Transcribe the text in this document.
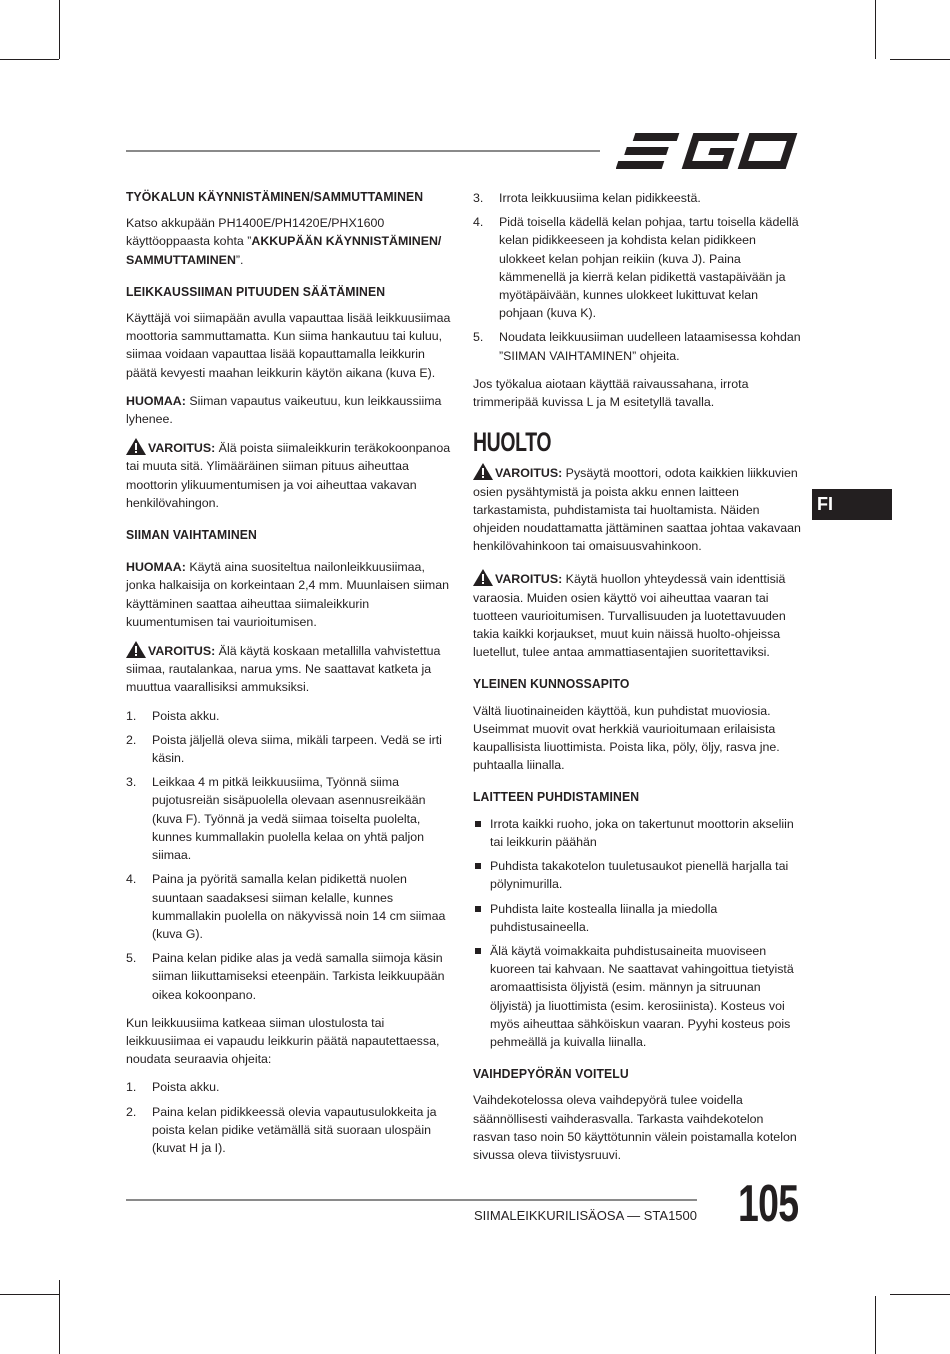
FI
TYÖKALUN KÄYNNISTÄMINEN/SAMMUTTAMINEN

Katso akkupään PH1400E/PH1420E/PHX1600 käyttöoppaasta kohta ”AKKUPÄÄN KÄYNNISTÄMINEN/ SAMMUTTAMINEN”.

LEIKKAUSSIIMAN PITUUDEN SÄÄTÄMINEN

Käyttäjä voi siimapään avulla vapauttaa lisää leikkuusiimaa moottoria sammuttamatta. Kun siima hankautuu tai kuluu, siimaa voidaan vapauttaa lisää kopauttamalla leikkurin päätä kevyesti maahan leikkurin käytön aikana (kuva E).

HUOMAA: Siiman vapautus vaikeutuu, kun leikkaussiima lyhenee.

VAROITUS: Älä poista siimaleikkurin teräkokoonpanoa tai muuta sitä. Ylimääräinen siiman pituus aiheuttaa moottorin ylikuumentumisen ja voi aiheuttaa vakavan henkilövahingon.

SIIMAN VAIHTAMINEN

HUOMAA: Käytä aina suositeltua nailonleikkuusiimaa, jonka halkaisija on korkeintaan 2,4 mm. Muunlaisen siiman käyttäminen saattaa aiheuttaa siimaleikkurin kuumentumisen tai vaurioitumisen.

VAROITUS: Älä käytä koskaan metallilla vahvistettua siimaa, rautalankaa, narua yms. Ne saattavat katketa ja muuttua vaarallisiksi ammuksiksi.

1. Poista akku.
2. Poista jäljellä oleva siima, mikäli tarpeen. Vedä se irti käsin.
3. Leikkaa 4 m pitkä leikkuusiima, Työnnä siima pujotusreiän sisäpuolella olevaan asennusreikään (kuva F). Työnnä ja vedä siimaa toiselta puolelta, kunnes kummallakin puolella kelaa on yhtä paljon siimaa.
4. Paina ja pyöritä samalla kelan pidikettä nuolen suuntaan saadaksesi siiman kelalle, kunnes kummallakin puolella on näkyvissä noin 14 cm siimaa (kuva G).
5. Paina kelan pidike alas ja vedä samalla siimoja käsin siiman liikuttamiseksi eteenpäin. Tarkista leikkuupään oikea kokoonpano.

Kun leikkuusiima katkeaa siiman ulostulosta tai leikkuusiimaa ei vapaudu leikkurin päätä napautettaessa, noudata seuraavia ohjeita:

1. Poista akku.
2. Paina kelan pidikkeessä olevia vapautusulokkeita ja poista kelan pidike vetämällä sitä suoraan ulospäin (kuvat H ja I).
3. Irrota leikkuusiima kelan pidikkeestä.
4. Pidä toisella kädellä kelan pohjaa, tartu toisella kädellä kelan pidikkeeseen ja kohdista kelan pidikkeen ulokkeet kelan pohjan reikiin (kuva J). Paina kämmenellä ja kierrä kelan pidikettä vastapäivään ja myötäpäivään, kunnes ulokkeet lukittuvat kelan pohjaan (kuva K).
5. Noudata leikkuusiiman uudelleen lataamisessa kohdan ”SIIMAN VAIHTAMINEN” ohjeita.

Jos työkalua aiotaan käyttää raivaussahana, irrota trimmeripää kuvissa L ja M esitetyllä tavalla.

HUOLTO

VAROITUS: Pysäytä moottori, odota kaikkien liikkuvien osien pysähtymistä ja poista akku ennen laitteen tarkastamista, puhdistamista tai huoltamista. Näiden ohjeiden noudattamatta jättäminen saattaa johtaa vakavaan henkilövahinkoon tai omaisuusvahinkoon.

VAROITUS: Käytä huollon yhteydessä vain identtisiä varaosia. Muiden osien käyttö voi aiheuttaa vaaran tai tuotteen vaurioitumisen. Turvallisuuden ja luotettavuuden takia kaikki korjaukset, muut kuin näissä huolto-ohjeissa luetellut, tulee antaa ammattiasentajien suoritettaviksi.

YLEINEN KUNNOSSAPITO

Vältä liuotinaineiden käyttöä, kun puhdistat muoviosia. Useimmat muovit ovat herkkiä vaurioitumaan erilaisista kaupallisista liuottimista. Poista lika, pöly, öljy, rasva jne. puhtaalla liinalla.

LAITTEEN PUHDISTAMINEN
Irrota kaikki ruoho, joka on takertunut moottorin akseliin tai leikkurin päähän
Puhdista takakotelon tuuletusaukot pienellä harjalla tai pölynimurilla.
Puhdista laite kostealla liinalla ja miedolla puhdistusaineella.
Älä käytä voimakkaita puhdistusaineita muoviseen kuoreen tai kahvaan. Ne saattavat vahingoittua tietyistä aromaattisista öljyistä (esim. männyn ja sitruunan öljyistä) ja liuottimista (esim. kerosiinista). Kosteus voi myös aiheuttaa sähköiskun vaaran. Pyyhi kosteus pois pehmeällä ja kuivalla liinalla.
VAIHDEPYÖRÄN VOITELU

Vaihdekotelossa oleva vaihdepyörä tulee voidella säännöllisesti vaihderasvalla. Tarkasta vaihdekotelon rasvan taso noin 50 käyttötunnin välein poistamalla kotelon sivussa oleva tiivistysruuvi.

SIIMALEIKKURILISÄOSA — STA1500 105
